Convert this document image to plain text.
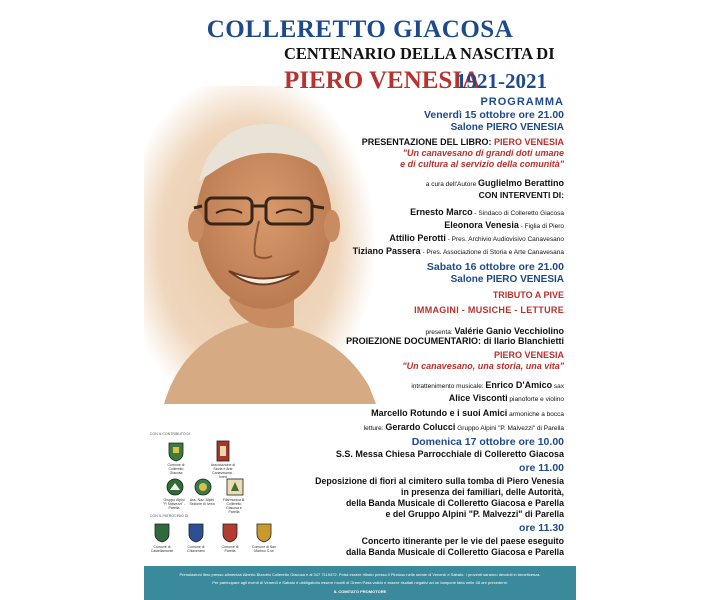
COLLERETTO GIACOSA
CENTENARIO DELLA NASCITA DI
PIERO VENESIA
1921-2021
PROGRAMMA
Venerdì 15 ottobre ore 21.00
Salone PIERO VENESIA
PRESENTAZIONE DEL LIBRO: PIERO VENESIA
"Un canavesano di grandi doti umane
e di cultura al servizio della comunità"
a cura dell'Autore Guglielmo Berattino
CON INTERVENTI DI:
Ernesto Marco - Sindaco di Colleretto Giacosa
Eleonora Venesia - Figlia di Piero
Attilio Perotti - Pres. Archivio Audiovisivo Canavesano
Tiziano Passera - Pres. Associazione di Storia e Arte Canavesana
Sabato 16 ottobre ore 21.00
Salone PIERO VENESIA
TRIBUTO A PIVE
IMMAGINI - MUSICHE - LETTURE
presenta: Valérie Ganio Vecchiolino
PROIEZIONE DOCUMENTARIO: di Ilario Blanchietti
PIERO VENESIA
"Un canavesano, una storia, una vita"
intrattenimento musicale: Enrico D'Amico sax
Alice Visconti pianoforte e violino
Marcello Rotundo e i suoi Amici armoniche a bocca
letture: Gerardo Colucci Gruppo Alpini "P. Malvezzi" di Parella
Domenica 17 ottobre ore 10.00
S.S. Messa Chiesa Parrocchiale di Colleretto Giacosa
ore 11.00
Deposizione di fiori al cimitero sulla tomba di Piero Venesia
in presenza dei familiari, delle Autorità,
della Banda Musicale di Colleretto Giacosa e Parella
e del Gruppo Alpini "P. Malvezzi" di Parella
ore 11.30
Concerto itinerante per le vie del paese eseguito
dalla Banda Musicale di Colleretto Giacosa e Parella
CON IL CONTRIBUTO DI
Comune di Colleretto Giacosa
Associazione di Storia e Arte Canavesana - Ivrea
Gruppo Alpini "P. Malvezzi" - Parella
Ass. Naz. Alpini Sezione di Ivrea
Filarmonica B. Colleretto Giacosa e Parella
CON IL PATROCINIO DI
Comune di Castellamonte
Comune di Chiaverano
Comune di Parella
Comune di San Martino C.se
Prenotazioni libro presso alimentari Alberto Bizzotto Colleretto Giacosa e al 347 7119472. Potrà essere ritirato presso il Pluriuso nelle serate di Venerdì e Sabato. I proventi saranno devoluti in beneficenza.
Per partecipare agli eventi di Venerdì e Sabato è obbligatorio essere muniti di Green Pass valido e essere risultati negativi ad un tampone fatto nelle 48 ore precedenti.
IL COMITATO PROMOTORE
